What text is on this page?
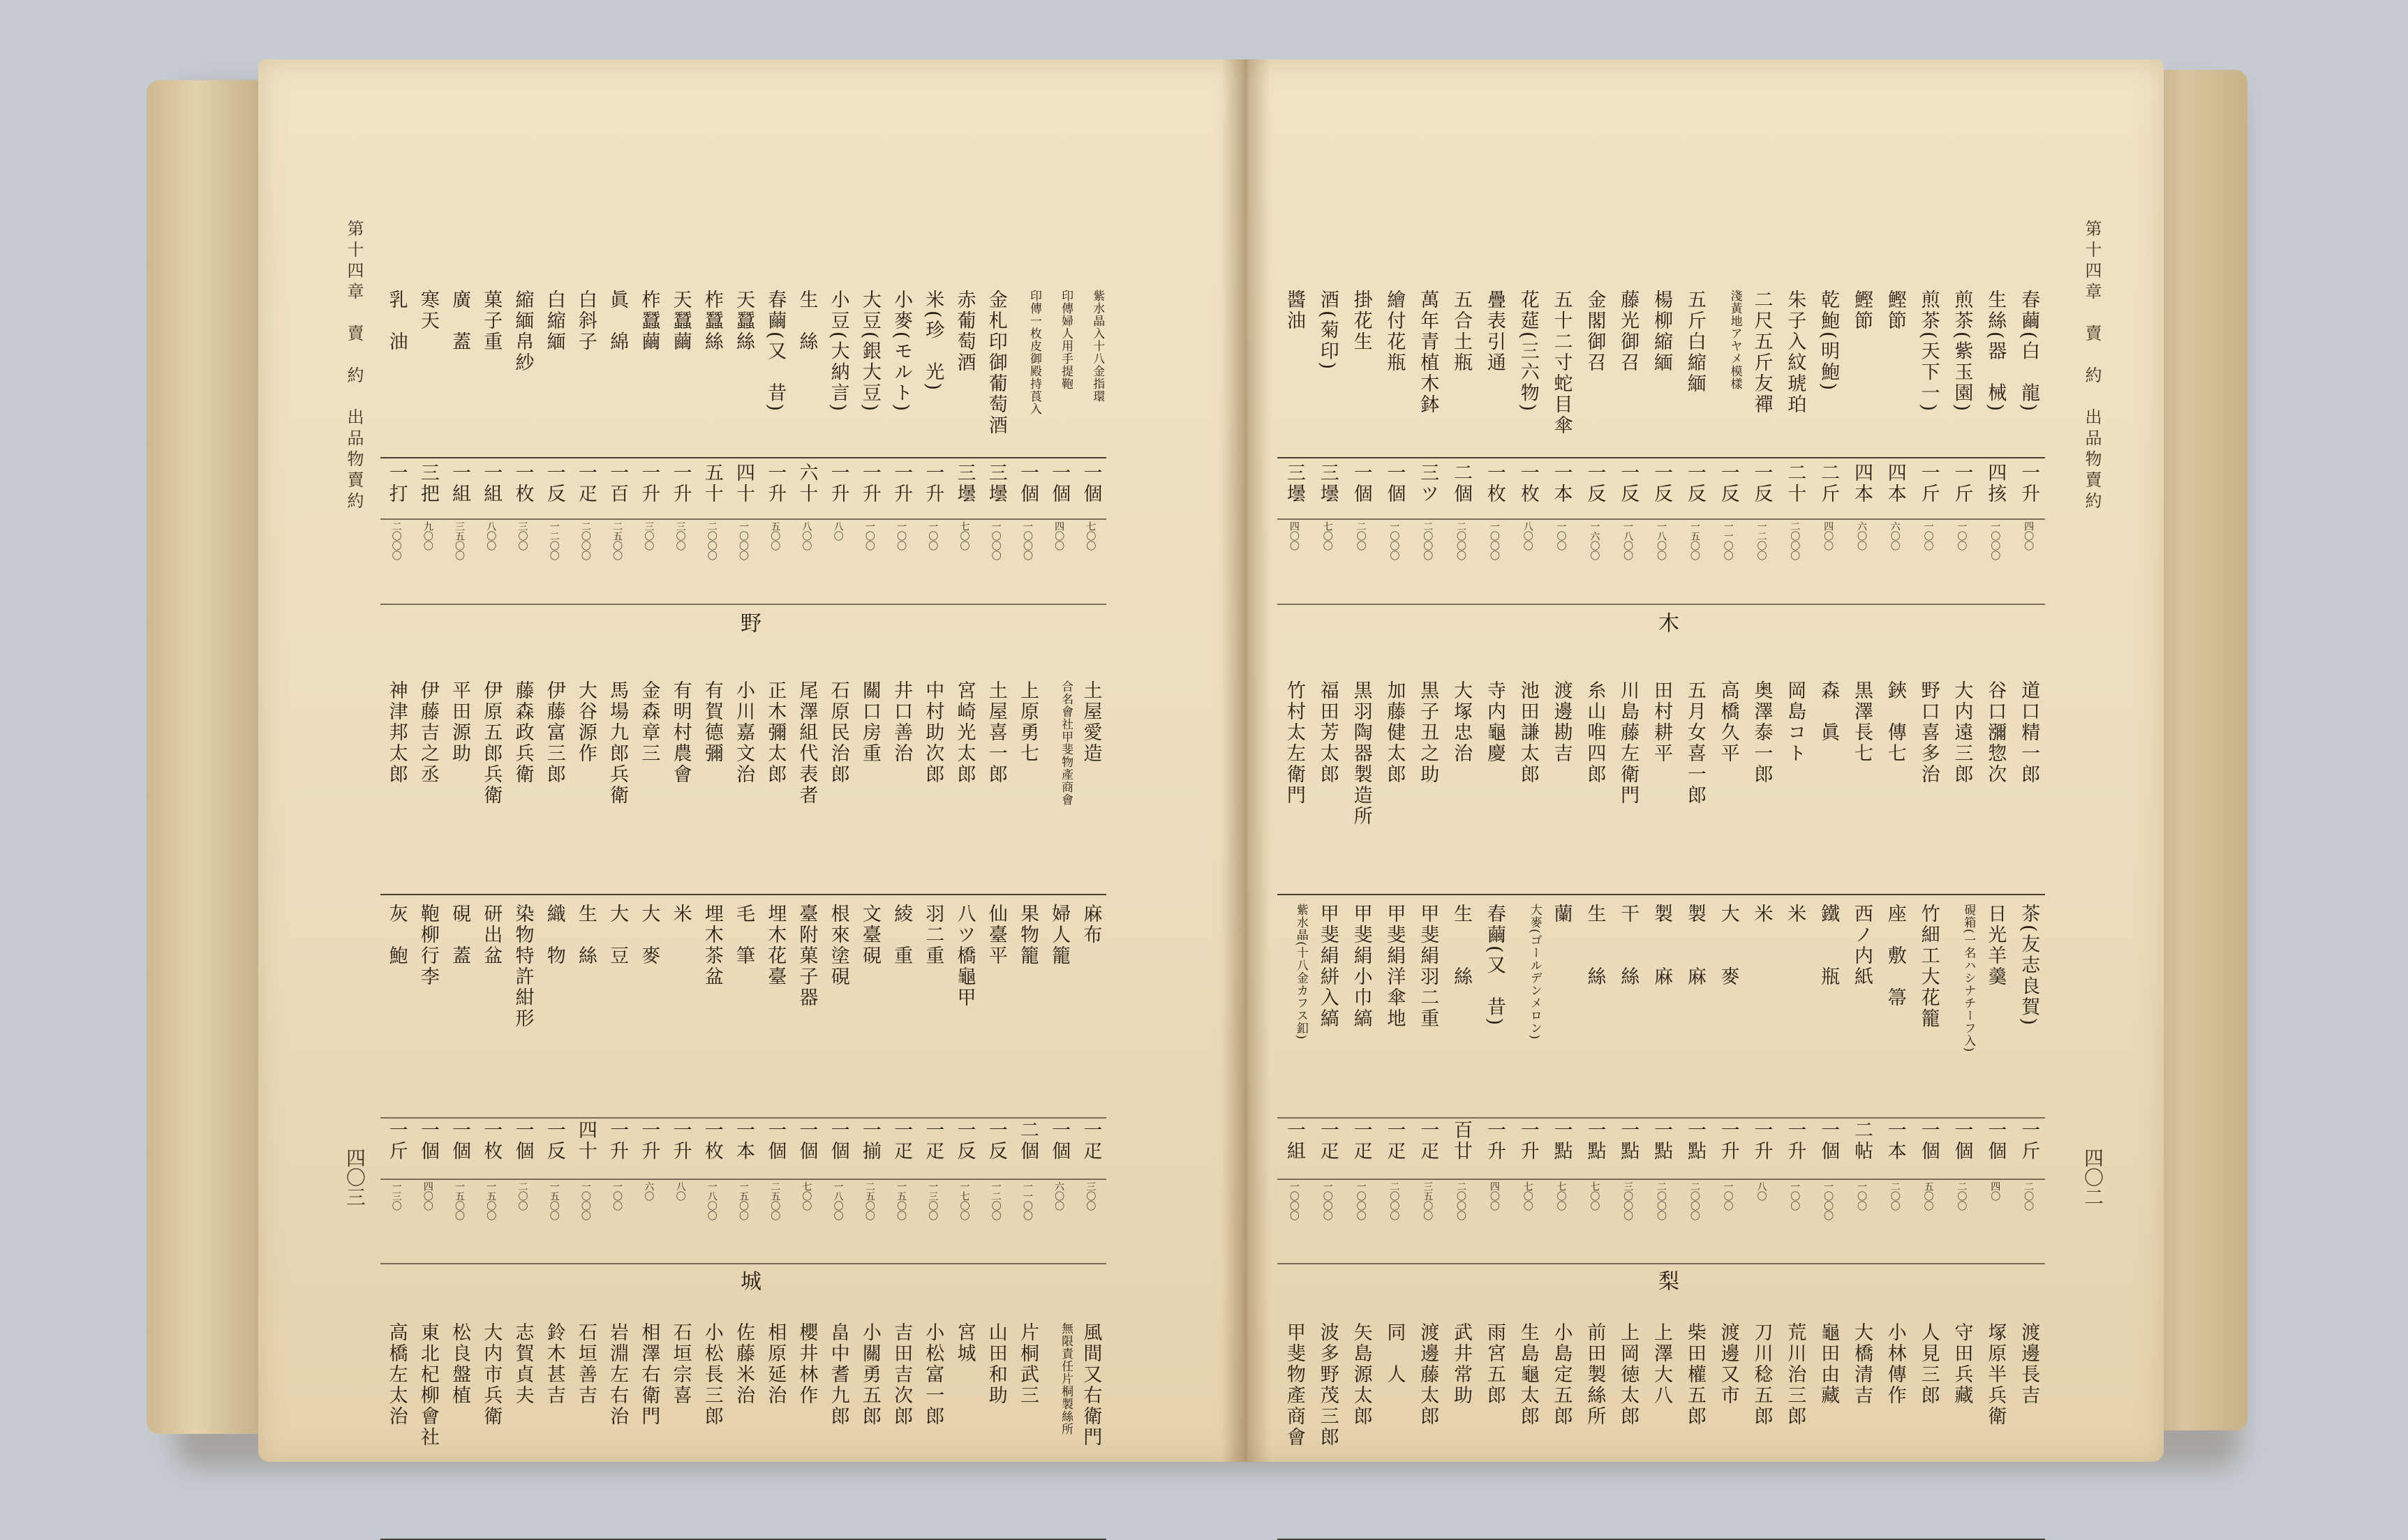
第十四章　賣　約　出品物賣約
四〇三
紫水晶入十八金指環
一個
七〇〇
土屋愛造
麻布
一疋
三〇〇
風間又右衛門
印傳婦人用手提鞄
一個
四〇〇
合名會社甲斐物產商會
婦人籠
一個
六〇〇
無限責任片桐製絲所
印傳一枚皮御殿持莨入
一個
一〇〇〇
上原勇七
果物籠
二個
一一〇〇
片桐武三
金札印御葡萄酒
三壜
一〇〇〇
土屋喜一郎
仙臺平
一反
一二〇〇
山田和助
赤葡萄酒
三壜
七〇〇
宮崎光太郎
八ツ橋龜甲
一反
一七〇〇
宮城
米(珍　光)
一升
一〇〇
中村助次郎
羽二重
一疋
一三〇〇
小松富一郎
小麥(モルト)
一升
一〇〇
井口善治
綾　重
一疋
一五〇〇
吉田吉次郎
大豆(銀大豆)
一升
一〇〇
關口房重
文臺硯
一揃
二五〇〇
小關勇五郎
小豆(大納言)
一升
八〇
石原民治郎
根來塗硯
一個
一八〇〇
畠中耆九郎
生　絲
六十
八〇〇
尾澤組代表者
臺附菓子器
一個
七〇〇
櫻井林作
春繭(又　昔)
一升
五〇〇
正木彌太郎
埋木花臺
一個
二五〇〇
相原延治
天蠶絲
四十
一〇〇〇
小川嘉文治
毛　筆
一本
一五〇〇
佐藤米治
柞蠶絲
五十
二〇〇〇
有賀德彌
埋木茶盆
一枚
一八〇〇
小松長三郎
天蠶繭
一升
三〇〇
有明村農會
米
一升
八〇
石垣宗喜
柞蠶繭
一升
三〇〇
金森章三
大　麥
一升
六〇
相澤右衛門
眞　綿
一百
二五〇〇
馬場九郎兵衛
大　豆
一升
一〇〇
岩淵左右治
白斜子
一疋
二〇〇〇
大谷源作
生　絲
四十
一〇〇〇
石垣善吉
白縮緬
一反
一二〇〇
伊藤富三郎
織　物
一反
一五〇〇
鈴木甚吉
縮緬帛紗
一枚
三〇〇
藤森政兵衛
染物特許紺形
一個
二〇〇
志賀貞夫
菓子重
一組
八〇〇
伊原五郎兵衛
研出盆
一枚
一五〇〇
大内市兵衛
廣　蓋
一組
三五〇〇
平田源助
硯　蓋
一個
一五〇〇
松良盤植
寒天
三把
九〇〇
伊藤吉之丞
鞄柳行李
一個
四〇〇
東北杞柳會社
乳　油
一打
二〇〇〇
神津邦太郎
灰　鮑
一斤
一三〇
高橋左太治
野
城
第十四章　賣　約　出品物賣約
四〇二
春繭(白　龍)
一升
四〇〇
道口精一郎
茶(友志良賀)
一斤
二〇〇
渡邊長吉
生絲(器　械)
四㧡
一〇〇〇
谷口瀰惣次
日光羊羹
一個
四〇
塚原半兵衛
煎茶(紫玉園)
一斤
一〇〇
大内遠三郎
硯箱(一名ハシナチーフ入)
一個
二〇〇
守田兵藏
煎茶(天下一)
一斤
一〇〇
野口喜多治
竹細工大花籠
一個
五〇〇
人見三郎
鰹節
四本
六〇〇
鋏　傳七
座　敷　箒
一本
二〇〇
小林傳作
鰹節
四本
六〇〇
黒澤長七
西ノ内紙
二帖
一〇〇
大橋清吉
乾鮑(明鮑)
二斤
四〇〇
森　眞
鐵　　瓶
一個
一〇〇〇
龜田由藏
朱子入紋琥珀
二十
二〇〇〇
岡島コト
米
一升
一〇〇
荒川治三郎
二尺五斤友禪
一反
一二〇〇
奥澤泰一郎
米
一升
八〇
刀川稔五郎
淺黃地アヤメ模樣
一反
一一〇〇
高橋久平
大　　麥
一升
一〇〇
渡邊又市
五斤白縮緬
一反
一五〇〇
五月女喜一郎
製　　麻
一點
二〇〇〇
柴田權五郎
楊柳縮緬
一反
一八〇〇
田村耕平
製　　麻
一點
二〇〇〇
上澤大八
藤光御召
一反
一八〇〇
川島藤左衛門
干　　絲
一點
三〇〇〇
上岡徳太郎
金閣御召
一反
一六〇〇
糸山唯四郎
生　　絲
一點
七〇〇
前田製絲所
五十二寸蛇目傘
一本
一〇〇
渡邊勘吉
蘭
一點
七〇〇
小島定五郎
花莚(三六物)
一枚
八〇〇
池田謙太郎
大麥(ゴールデンメロン)
一升
七〇〇
生島龜太郎
疊表引通
一枚
一〇〇〇
寺内龜慶
春繭(又　昔)
一升
四〇〇
雨宮五郎
五合土瓶
二個
二〇〇〇
大塚忠治
生　　絲
百廿
二〇〇〇
武井常助
萬年青植木鉢
三ツ
二〇〇〇
黒子丑之助
甲斐絹羽二重
一疋
三五〇〇
渡邊藤太郎
繪付花瓶
一個
一〇〇〇
加藤健太郎
甲斐絹洋傘地
一疋
二〇〇〇
同　人
掛花生
一個
二〇〇
黒羽陶器製造所
甲斐絹小巾縞
一疋
一〇〇〇
矢島源太郎
酒(菊印)
三壜
七〇〇
福田芳太郎
甲斐絹絣入縞
一疋
一〇〇〇
波多野茂三郎
醬油
三壜
四〇〇
竹村太左衛門
紫水晶(十八金カフス釦)
一組
一〇〇〇
甲斐物產商會
木
梨
